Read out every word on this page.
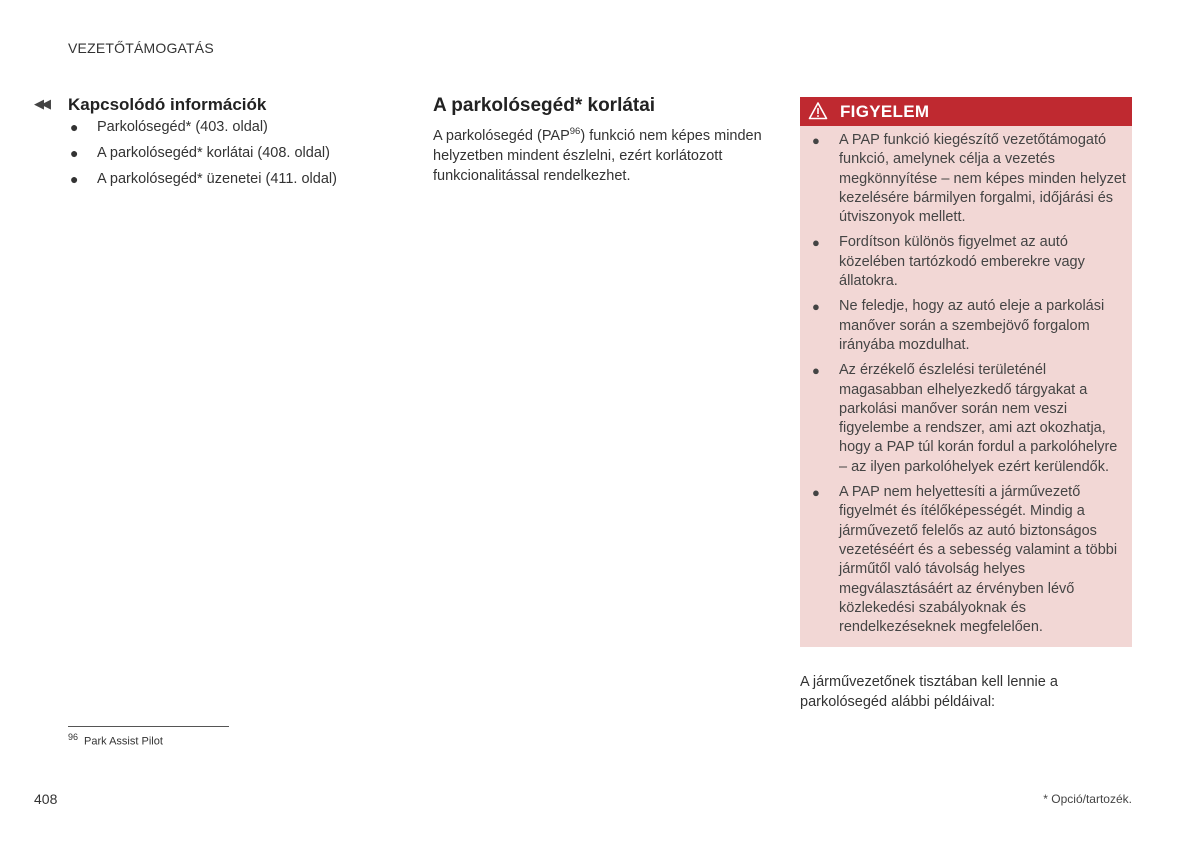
VEZETŐTÁMOGATÁS
◀◀ Kapcsolódó információk
● Parkolósegéd* (403. oldal)
● A parkolósegéd* korlátai (408. oldal)
● A parkolósegéd* üzenetei (411. oldal)
A parkolósegéd* korlátai
A parkolósegéd (PAP$^{96}$) funkció nem képes minden helyzetben mindent észlelni, ezért korlátozott funkcionalitással rendelkezhet.
FIGYELEM
● A PAP funkció kiegészítő vezetőtámogató funkció, amelynek célja a vezetés megkönnyítése – nem képes minden helyzet kezelésére bármilyen forgalmi, időjárási és útviszonyok mellett.
● Fordítson különös figyelmet az autó közelében tartózkodó emberekre vagy állatokra.
● Ne feledje, hogy az autó eleje a parkolási manőver során a szembejövő forgalom irányába mozdulhat.
● Az érzékelő észlelési területénél magasabban elhelyezkedő tárgyakat a parkolási manőver során nem veszi figyelembe a rendszer, ami azt okozhatja, hogy a PAP túl korán fordul a parkolóhelyre – az ilyen parkolóhelyek ezért kerülendők.
● A PAP nem helyettesíti a járművezető figyelmét és ítélőképességét. Mindig a járművezető felelős az autó biztonságos vezetéséért és a sebesség valamint a többi járműtől való távolság helyes megválasztásáért az érvényben lévő közlekedési szabályoknak és rendelkezéseknek megfelelően.
A járművezetőnek tisztában kell lennie a parkolósegéd alábbi példáival:
$^{96}$ Park Assist Pilot
408	* Opció/tartozék.
